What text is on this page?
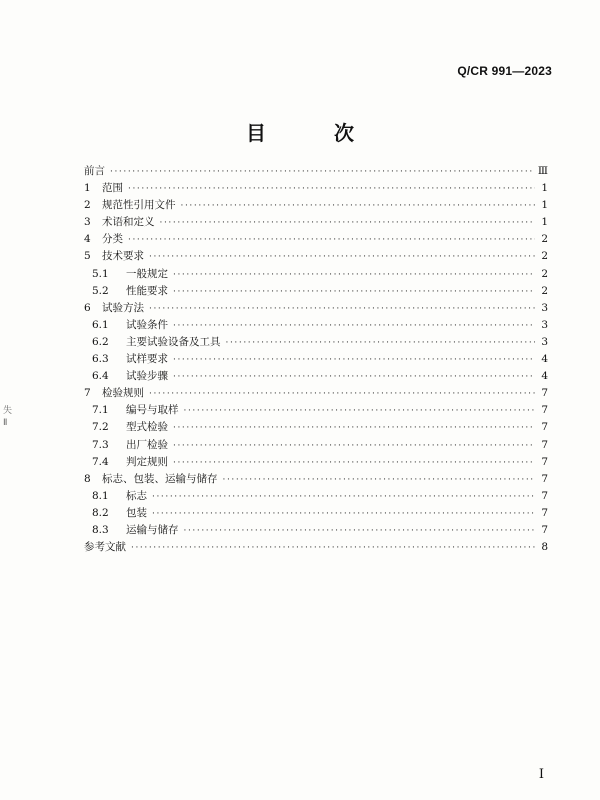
Q/CR 991—2023
目　次
失
Ⅱ
前言 ·····	Ⅲ
1	范围 ·····	1
2	规范性引用文件 ·····	1
3	术语和定义 ·····	1
4	分类 ·····	2
5	技术要求 ·····	2
5.1	一般规定 ·····	2
5.2	性能要求 ·····	2
6	试验方法 ·····	3
6.1	试验条件 ·····	3
6.2	主要试验设备及工具 ·····	3
6.3	试样要求 ·····	4
6.4	试验步骤 ·····	4
7	检验规则 ·····	7
7.1	编号与取样 ·····	7
7.2	型式检验 ·····	7
7.3	出厂检验 ·····	7
7.4	判定规则 ·····	7
8	标志、包装、运输与储存 ·····	7
8.1	标志 ·····	7
8.2	包装 ·····	7
8.3	运输与储存 ·····	7
参考文献 ·····	8
I
